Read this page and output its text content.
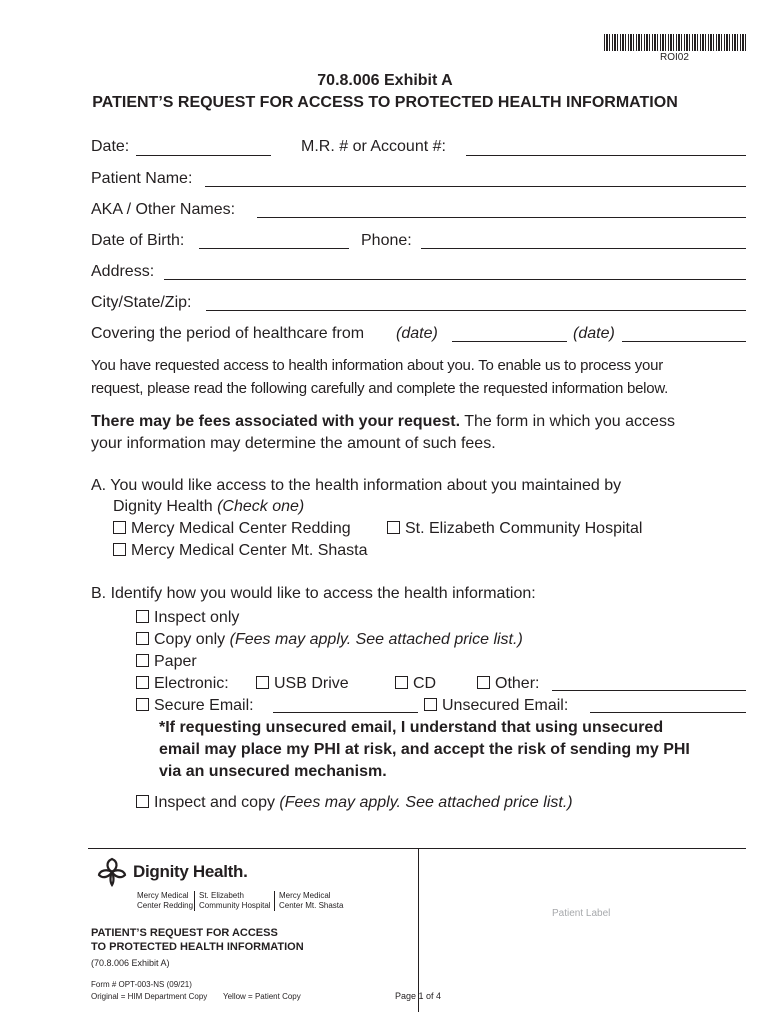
ROI02
70.8.006 Exhibit A
PATIENT’S REQUEST FOR ACCESS TO PROTECTED HEALTH INFORMATION
Date:	M.R. # or Account #:
Patient Name:
AKA / Other Names:
Date of Birth:	Phone:
Address:
City/State/Zip:
Covering the period of healthcare from (date)	(date)
You have requested access to health information about you. To enable us to process your
request, please read the following carefully and complete the requested information below.
There may be fees associated with your request. The form in which you access
your information may determine the amount of such fees.
A. You would like access to the health information about you maintained by
Dignity Health (Check one)
Mercy Medical Center Redding	St. Elizabeth Community Hospital
Mercy Medical Center Mt. Shasta
B. Identify how you would like to access the health information:
Inspect only
Copy only (Fees may apply. See attached price list.)
Paper
Electronic:	USB Drive	CD	Other:
Secure Email:	Unsecured Email:
*If requesting unsecured email, I understand that using unsecured
email may place my PHI at risk, and accept the risk of sending my PHI
via an unsecured mechanism.
Inspect and copy (Fees may apply. See attached price list.)
Dignity Health.
Mercy Medical
Center Redding
St. Elizabeth
Community Hospital
Mercy Medical
Center Mt. Shasta
PATIENT’S REQUEST FOR ACCESS
TO PROTECTED HEALTH INFORMATION
(70.8.006 Exhibit A)
Form # OPT-003-NS (09/21)
Original = HIM Department Copy Yellow = Patient Copy	Page 1 of 4
Patient Label
